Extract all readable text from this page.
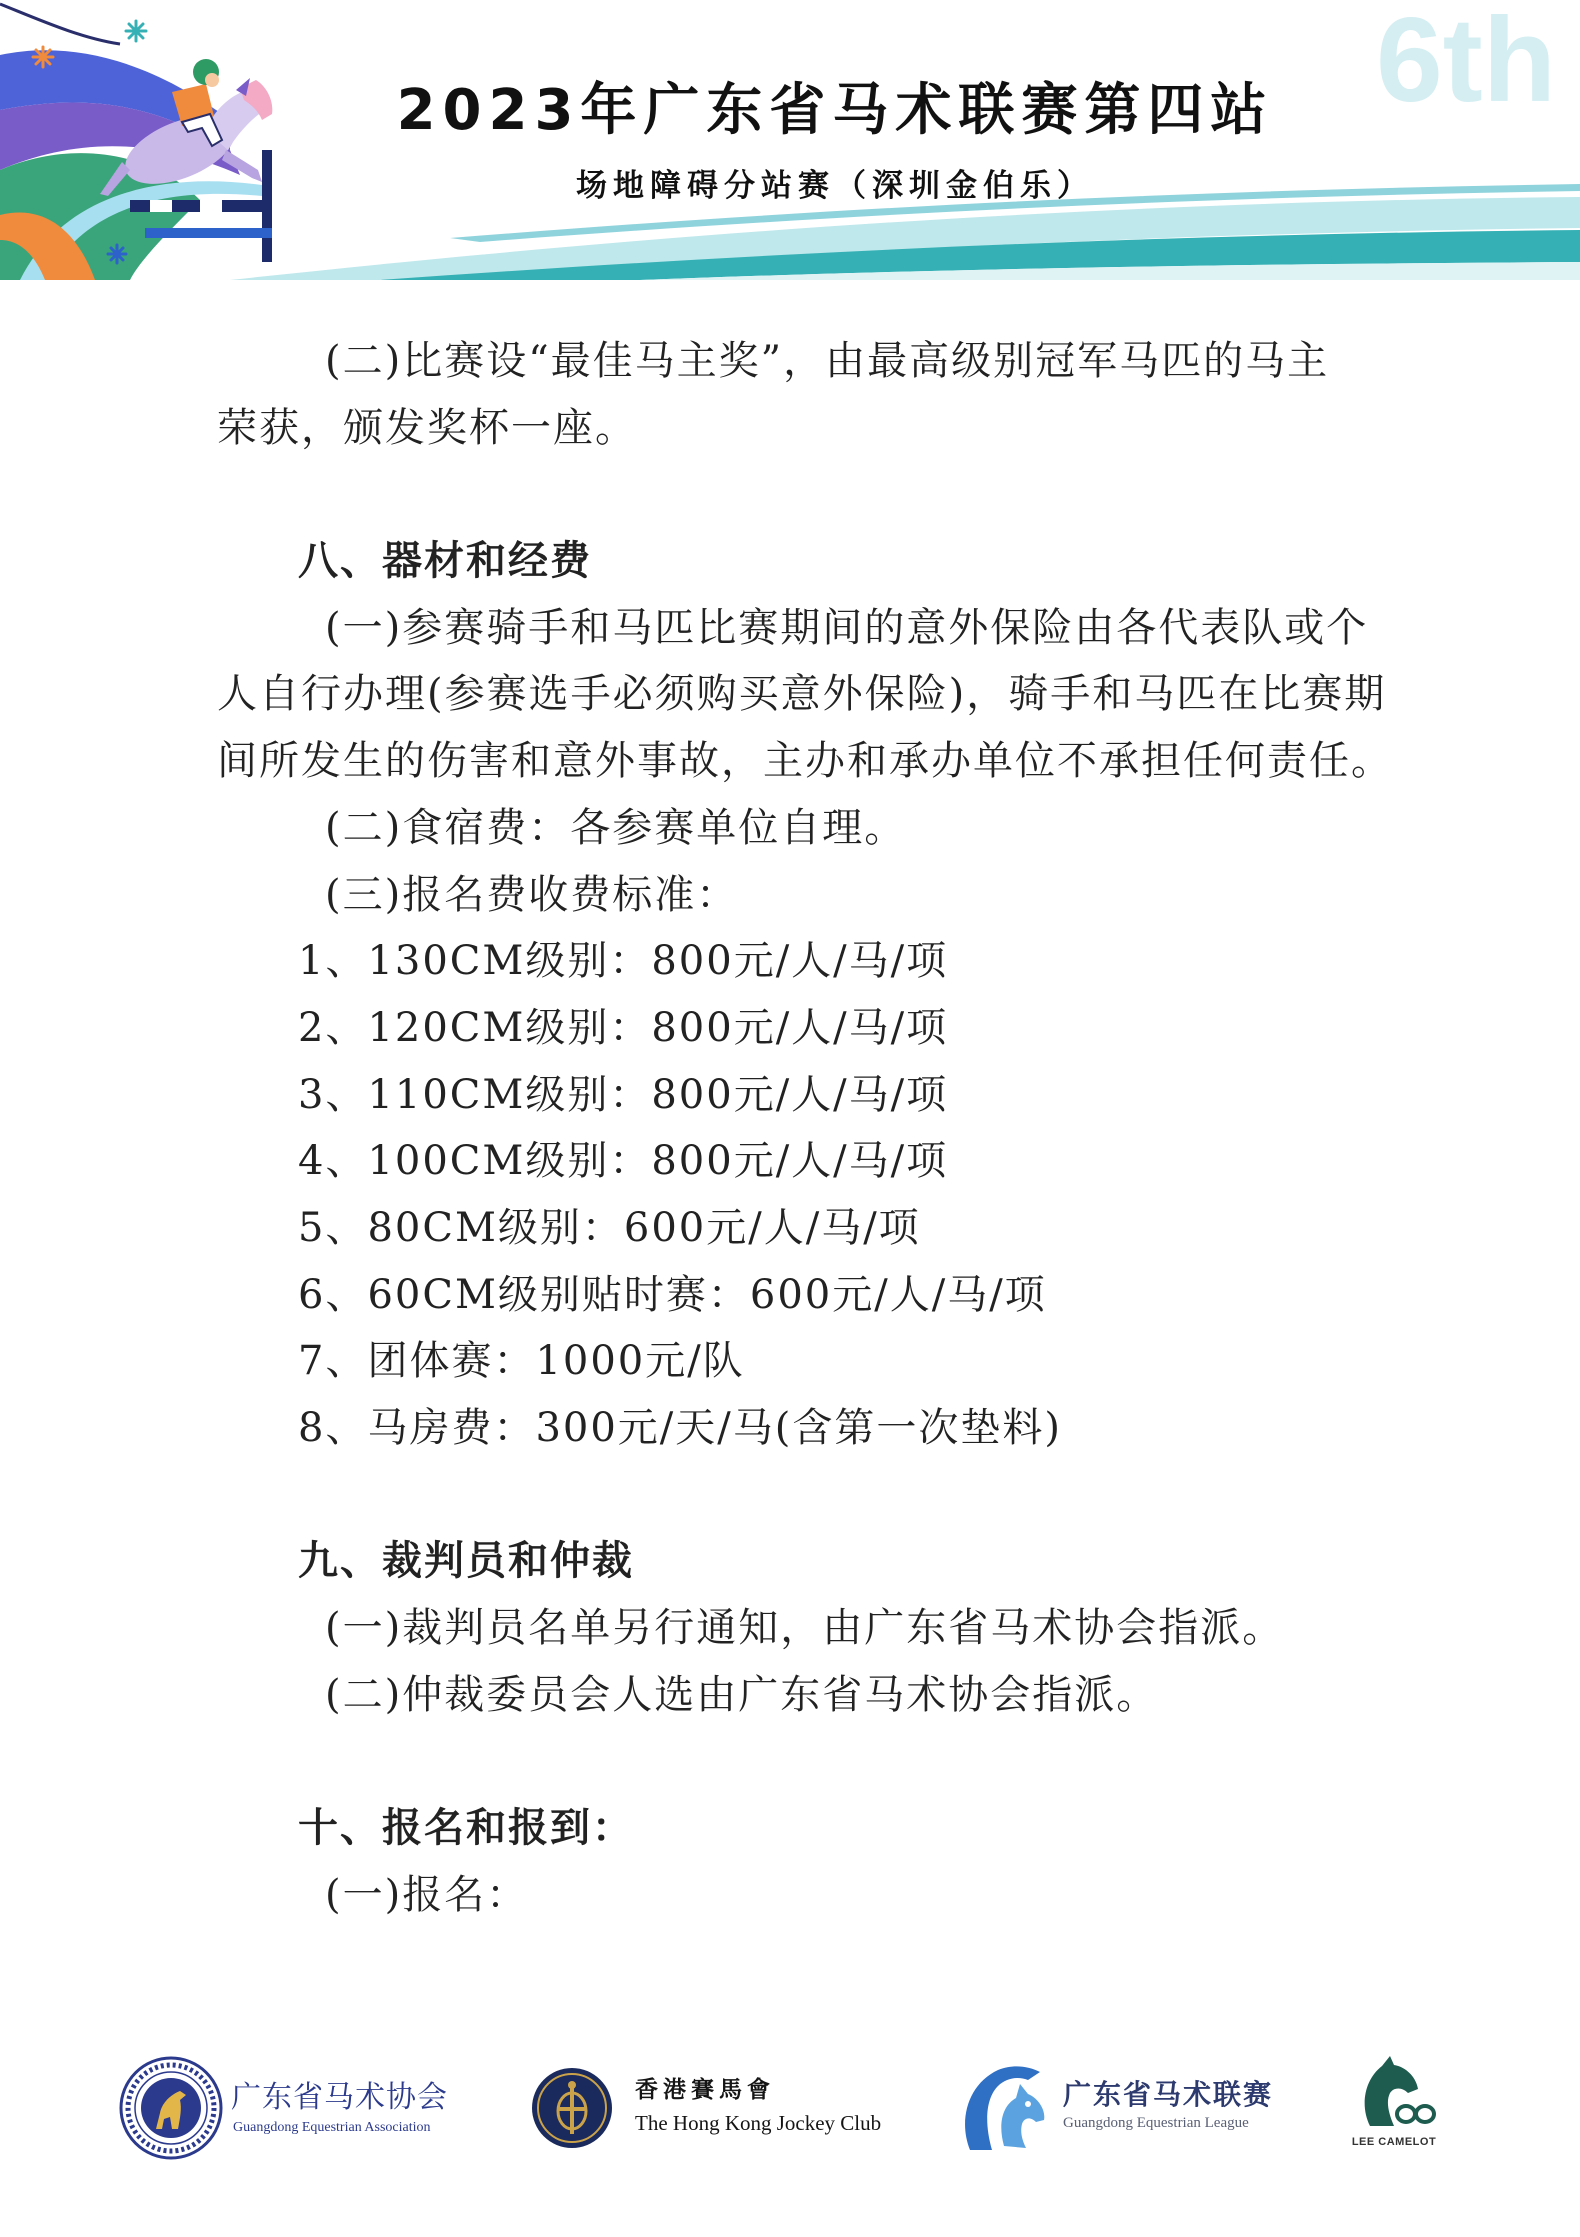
6th
2023年广东省马术联赛第四站
场地障碍分站赛（深圳金伯乐）
(二)比赛设“最佳马主奖”，由最高级别冠军马匹的马主
荣获，颁发奖杯一座。
八、器材和经费
(一)参赛骑手和马匹比赛期间的意外保险由各代表队或个
人自行办理(参赛选手必须购买意外保险)，骑手和马匹在比赛期
间所发生的伤害和意外事故，主办和承办单位不承担任何责任。
(二)食宿费：各参赛单位自理。
(三)报名费收费标准：
1、130CM级别：800元/人/马/项
2、120CM级别：800元/人/马/项
3、110CM级别：800元/人/马/项
4、100CM级别：800元/人/马/项
5、80CM级别：600元/人/马/项
6、60CM级别贴时赛：600元/人/马/项
7、团体赛：1000元/队
8、马房费：300元/天/马(含第一次垫料)
九、裁判员和仲裁
(一)裁判员名单另行通知，由广东省马术协会指派。
(二)仲裁委员会人选由广东省马术协会指派。
十、报名和报到：
(一)报名：
广东省马术协会
Guangdong Equestrian Association
香港賽馬會
The Hong Kong Jockey Club
广东省马术联赛
Guangdong Equestrian League
LEE CAMELOT
